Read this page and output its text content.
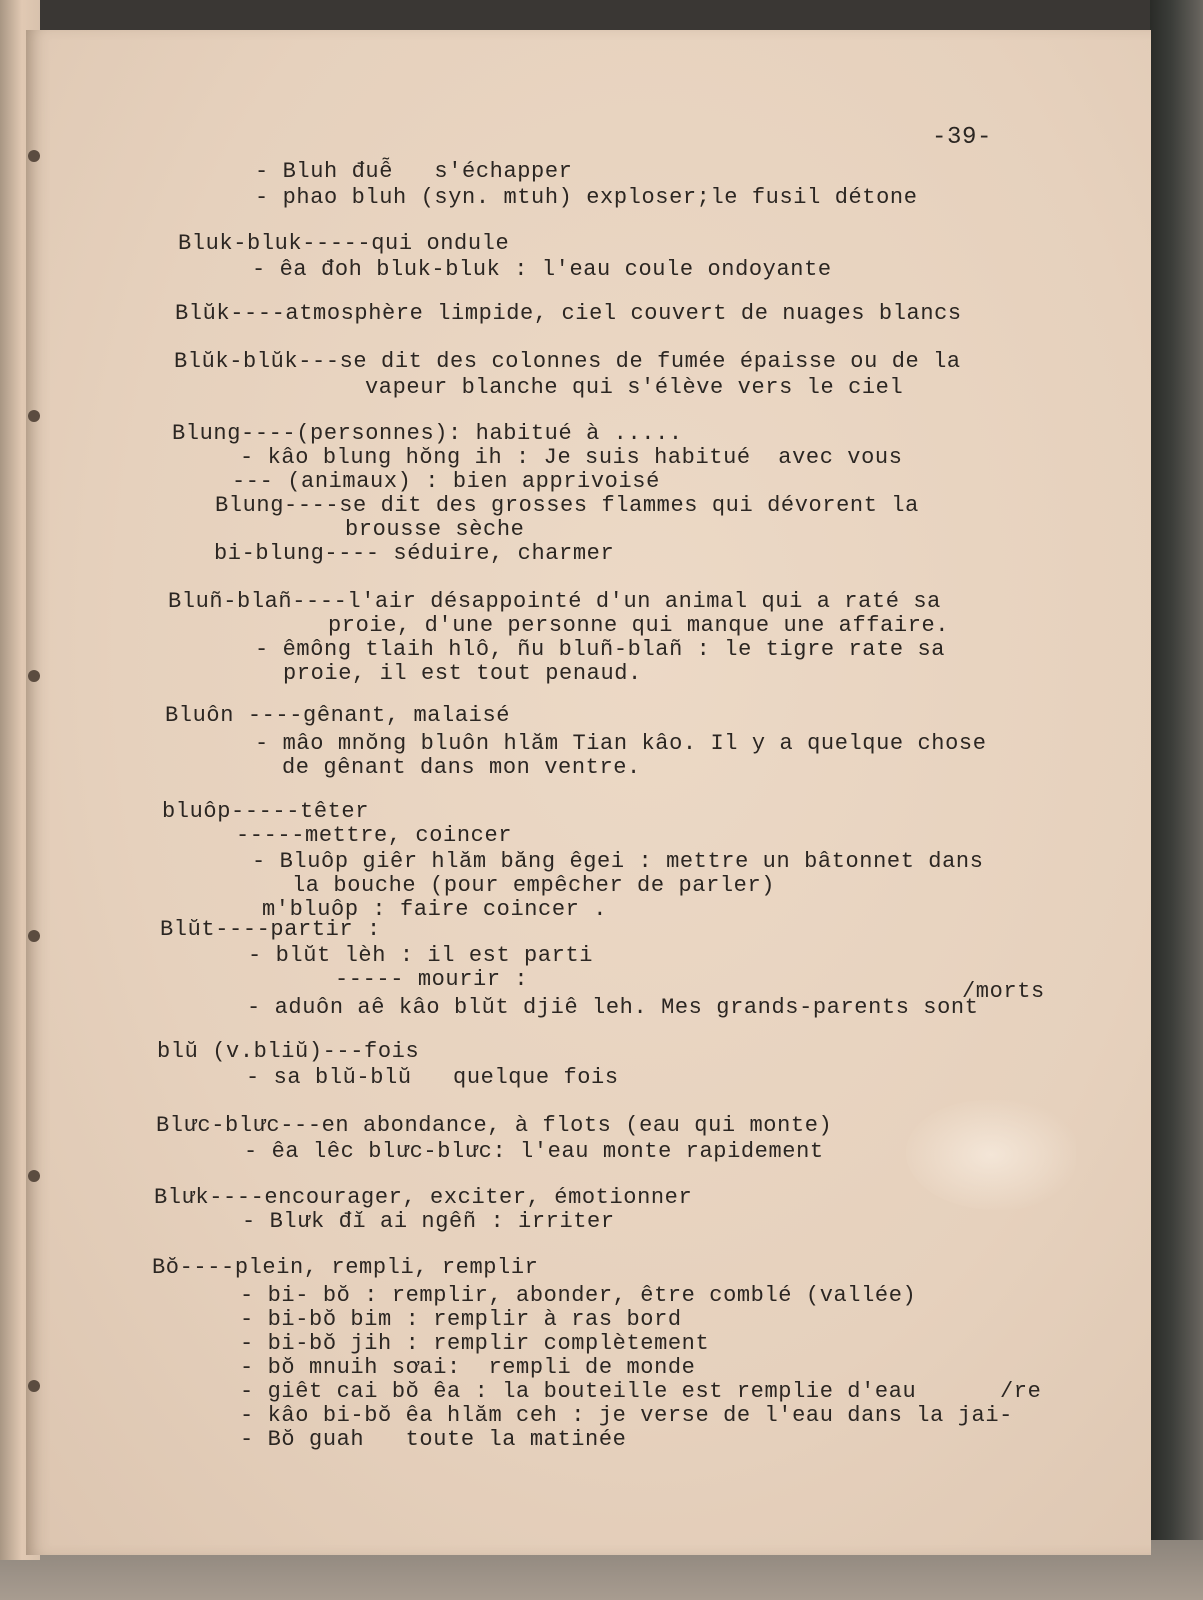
-39-
- Bluh đuễ   s'échapper
- phao bluh (syn. mtuh) exploser;le fusil détone
Bluk-bluk-----qui ondule
- êa đoh bluk-bluk : l'eau coule ondoyante
Blŭk----atmosphère limpide, ciel couvert de nuages blancs
Blŭk-blŭk---se dit des colonnes de fumée épaisse ou de la
vapeur blanche qui s'élève vers le ciel
Blung----(personnes): habitué à .....
- kâo blung hŏng ih : Je suis habitué  avec vous
--- (animaux) : bien apprivoisé
Blung----se dit des grosses flammes qui dévorent la
brousse sèche
bi-blung---- séduire, charmer
Bluñ-blañ----l'air désappointé d'un animal qui a raté sa
proie, d'une personne qui manque une affaire.
- êmông tlaih hlô, ñu bluñ-blañ : le tigre rate sa
proie, il est tout penaud.
Bluôn ----gênant, malaisé
- mâo mnŏng bluôn hlăm Tian kâo. Il y a quelque chose
de gênant dans mon ventre.
bluôp-----têter
-----mettre, coincer
- Bluôp giêr hlăm băng êgei : mettre un bâtonnet dans
la bouche (pour empêcher de parler)
m'bluôp : faire coincer .
Blŭt----partir :
- blŭt lèh : il est parti
----- mourir :	/morts
- aduôn aê kâo blŭt djiê leh. Mes grands-parents sont
blŭ (v.bliŭ)---fois
- sa blŭ-blŭ   quelque fois
Blưc-blưc---en abondance, à flots (eau qui monte)
- êa lêc blưc-blưc: l'eau monte rapidement
Blưk----encourager, exciter, émotionner
- Blưk đĭ ai ngêñ : irriter
Bŏ----plein, rempli, remplir
- bi- bŏ : remplir, abonder, être comblé (vallée)
- bi-bŏ bim : remplir à ras bord
- bi-bŏ jih : remplir complètement
- bŏ mnuih sơai:  rempli de monde
- giêt cai bŏ êa : la bouteille est remplie d'eau	/re
- kâo bi-bŏ êa hlăm ceh : je verse de l'eau dans la jai-
- Bŏ guah   toute la matinée
